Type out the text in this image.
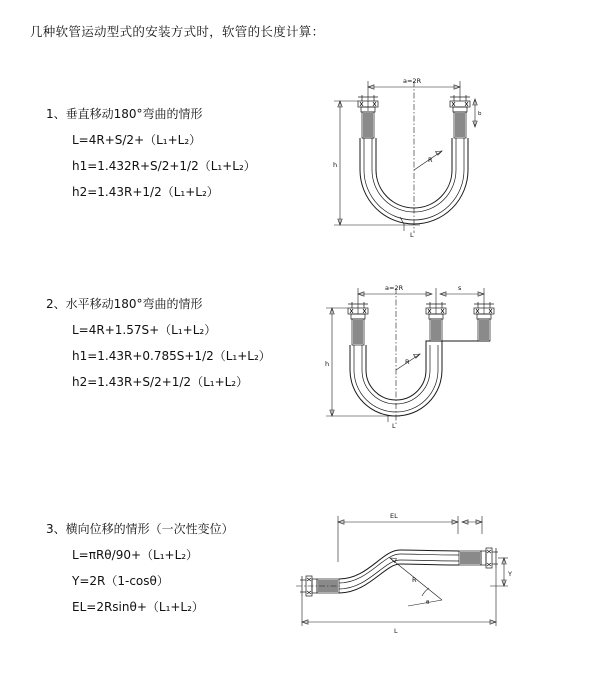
几种软管运动型式的安装方式时，软管的长度计算：
1、垂直移动180°弯曲的情形
L=4R+S/2+（L₁+L₂）
h1=1.432R+S/2+1/2（L₁+L₂）
h2=1.43R+1/2（L₁+L₂）
a=2R
b
R
h
L
2、水平移动180°弯曲的情形
L=4R+1.57S+（L₁+L₂）
h1=1.43R+0.785S+1/2（L₁+L₂）
h2=1.43R+S/2+1/2（L₁+L₂）
a=2R	s
R
h
L
3、横向位移的情形（一次性变位）
L=πRθ/90+（L₁+L₂）
Y=2R（1-cosθ）
EL=2Rsinθ+（L₁+L₂）
EL
R
θ
Y
L
